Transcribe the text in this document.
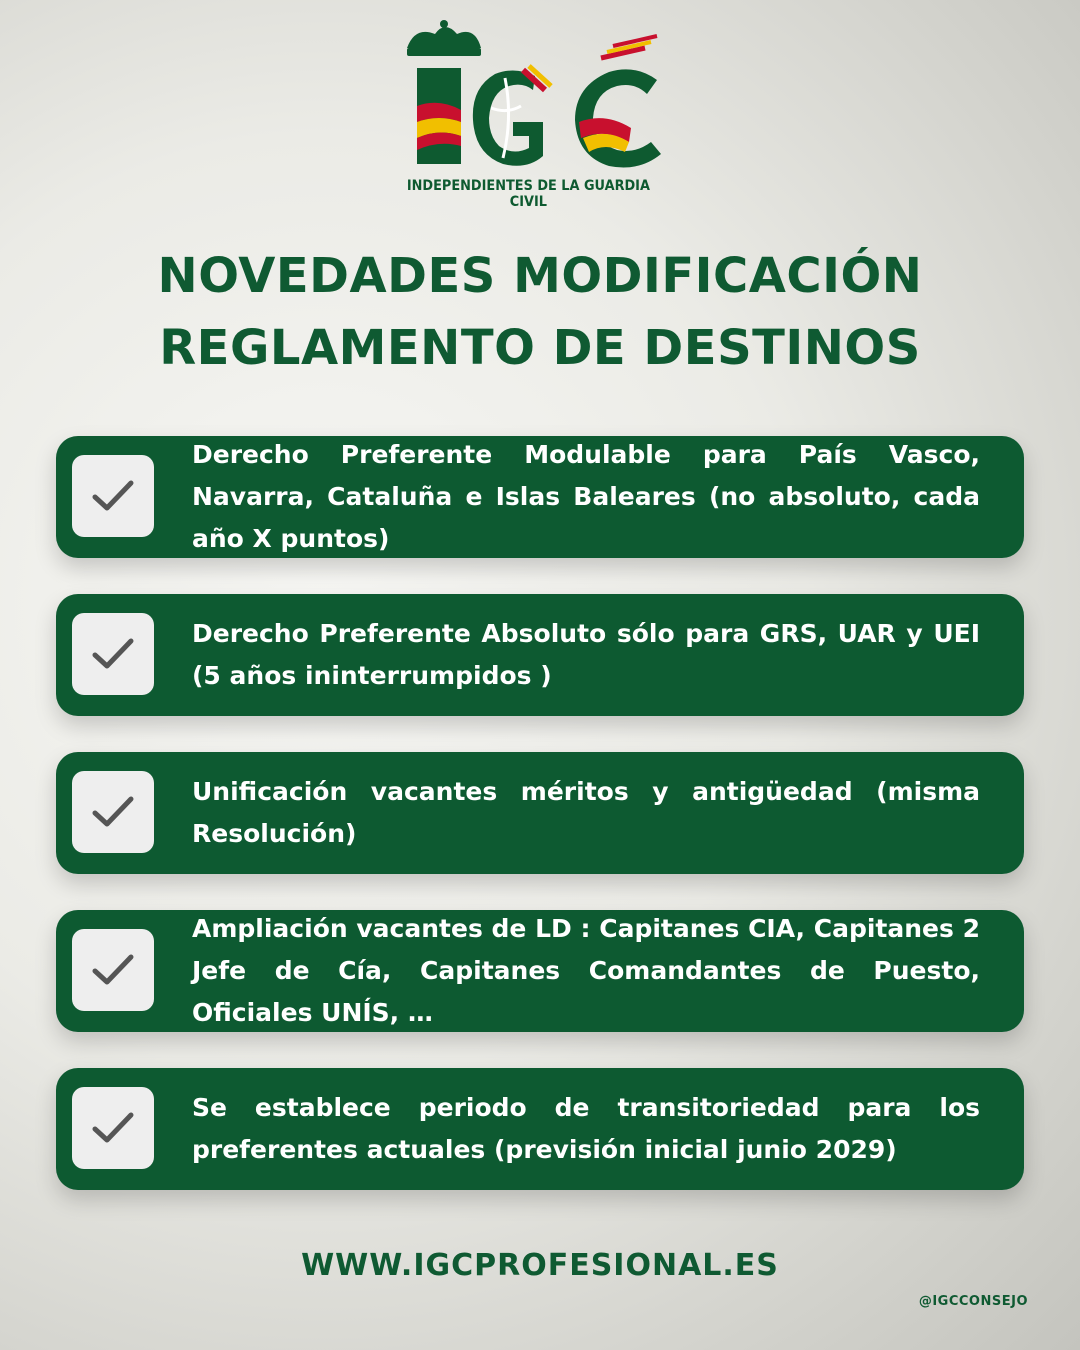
INDEPENDIENTES DE LA GUARDIA CIVIL
NOVEDADES MODIFICACIÓN
REGLAMENTO DE DESTINOS
Derecho Preferente Modulable para País Vasco, Navarra, Cataluña e Islas Baleares (no absoluto, cada año X puntos)
Derecho Preferente Absoluto sólo para GRS, UAR y UEI (5 años ininterrumpidos )
Unificación vacantes méritos y antigüedad (misma Resolución)
Ampliación vacantes de LD : Capitanes CIA, Capitanes 2 Jefe de Cía, Capitanes Comandantes de Puesto, Oficiales UNÍS, …
Se establece periodo de transitoriedad para los preferentes actuales (previsión inicial junio 2029)
WWW.IGCPROFESIONAL.ES
@IGCCONSEJO
